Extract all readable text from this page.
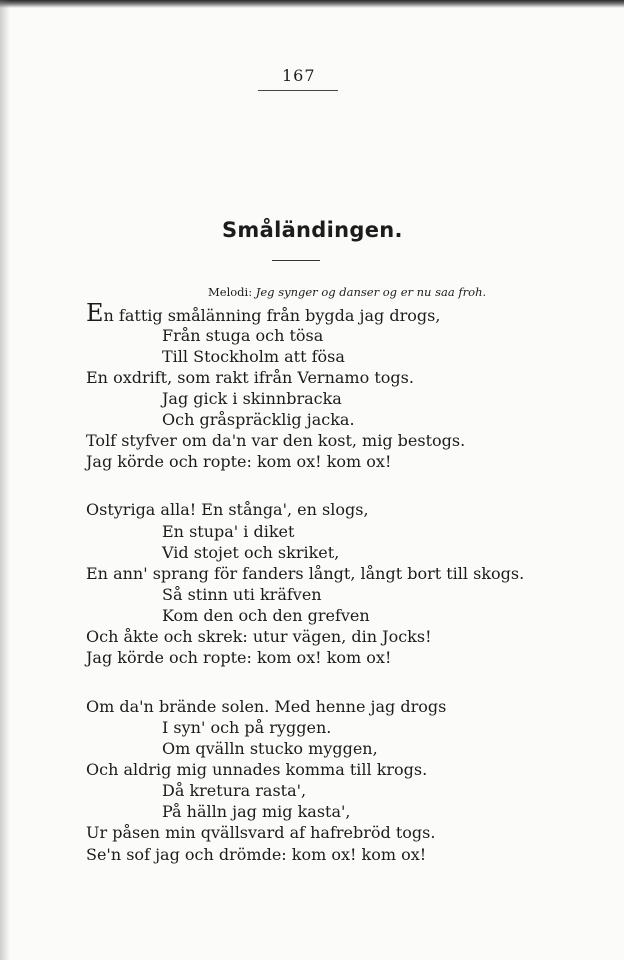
167
Småländingen.
Melodi: Jeg synger og danser og er nu saa froh.
En fattig smålänning från bygda jag drogs,
Från stuga och tösa
Till Stockholm att fösa
En oxdrift, som rakt ifrån Vernamo togs.
Jag gick i skinnbracka
Och gråspräcklig jacka.
Tolf styfver om da'n var den kost, mig bestogs.
Jag körde och ropte: kom ox! kom ox!
Ostyriga alla! En stånga', en slogs,
En stupa' i diket
Vid stojet och skriket,
En ann' sprang för fanders långt, långt bort till skogs.
Så stinn uti kräfven
Kom den och den grefven
Och åkte och skrek: utur vägen, din Jocks!
Jag körde och ropte: kom ox! kom ox!
Om da'n brände solen. Med henne jag drogs
I syn' och på ryggen.
Om qvälln stucko myggen,
Och aldrig mig unnades komma till krogs.
Då kretura rasta',
På hälln jag mig kasta',
Ur påsen min qvällsvard af hafrebröd togs.
Se'n sof jag och drömde: kom ox! kom ox!
